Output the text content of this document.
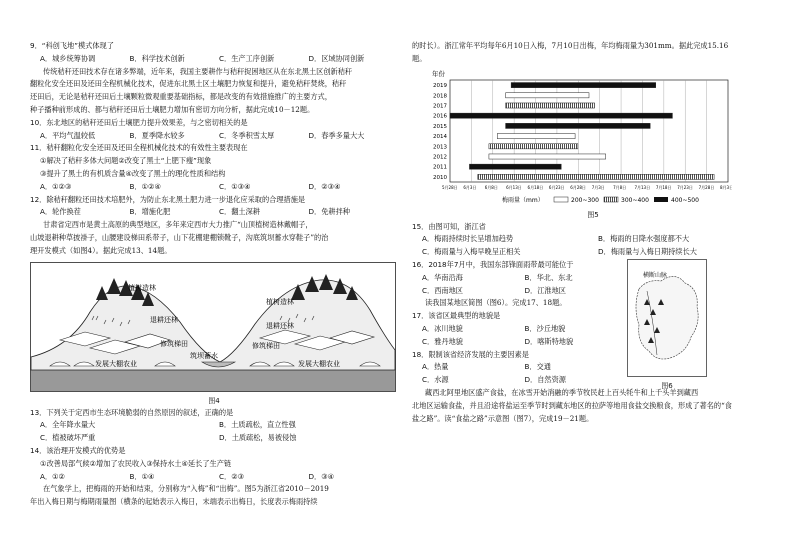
9．“科创飞地”模式体现了
A．城乡统筹协调	B．科学技术创新	C．生产工序创新	D．区域协同创新
传统秸秆还田技术存在诸多弊端，近年来，我国主要耕作与秸秆捉困地区从在东北黑土区创新秸秆
翻粒化安全还田及还田全程机械化技术，促进东北黑土区土壤肥力恢复和提升，避免秸秆焚烧，秸秆
还田后，无论是秸秆还田后土壤颗粒微观重要基础指标，都是改变的有效措施推广的主要方式，
种子播种前形成的、都与秸秆还田后土壤肥力增加有密切方向分析，据此完成10－12题。
10．东北地区的秸秆还田后土壤肥力提升效果差，与之密切相关的是
A．平均气温较低	B．夏季降水较多	C．冬季积雪太厚	D．春季多量大大
11．秸秆翻粒化安全还田及还田全程机械化技术的有效性主要表现在
①解决了秸秆多体大问题②改变了黑土“上肥下瘦”现象
③提升了黑土的有机质含量④改变了黑土的理化性质和结构
A．①②③	B．①②④	C．①③④	D．②③④
12．除秸秆翻粒还田技术培肥外，为防止东北黑土肥力进一步退化应采取的合理措施是
A．轮作换茬	B．增施化肥	C．翻土深耕	D．免耕拌种
甘肃省定西市是黄土高原的典型地区，多年来定西市大力推广“山顶植树造林戴帽子，
山坡退耕种草披褂子，山腰建设梯田系带子，山下花棚建棚锁靴子，沟底筑坝蓄水穿鞋子”的治
理开发模式（如图4）。据此完成13、14题。
植树造林
植树造林
退耕还林
退耕还林
修筑梯田	修筑梯田
筑坝蓄水
发展大棚农业	发展大棚农业
图4
13．下列关于定西市生态环境脆弱的自然原因的叙述，正确的是
A．全年降水量大	B．土质疏松，直立性强
C．植被破坏严重	D．土质疏松，易被侵蚀
14．该治理开发模式的优势是
①改善局部气候②增加了农民收入③保持水土④延长了生产链
A．①②	B．①④	C．②③	D．③④
在气象学上，把梅雨的开始和结束，分别称为“入梅”和“出梅”。图5为浙江省2010－2019
年出入梅日期与梅期雨量图（横条的起始表示入梅日，末端表示出梅日，长度表示梅雨持续
的时长）。浙江常年平均每年6月10日入梅，7月10日出梅，年均梅雨量为301mm。据此完成15.16
题。
年份
2019
2018
2017
2016
2015
2014
2013
2012
2011
2010
5月28日 6月3日 6月8日 6月13日 6月18日 6月23日 6月28日 7月3日 7月8日 7月13日 7月18日 7月23日 7月28日 8月3日
梅雨量（mm）	200~300	300~400	400~500
图5
15．由图可知，浙江省
A．梅雨持续时长呈增加趋势	B．梅雨的日降水强度都不大
C．梅雨量与入梅早晚呈正相关	D．梅雨量与入梅日期持续长大
16．2018年7月中，我国东部锋面雨带最可能位于
A．华南沿海	B．华北、东北
C．西南地区	D．江淮地区
读我国某地区简图（图6）。完成17、18题。
17．该省区最典型的地貌是
A．冰川地貌	B．沙丘地貌
C．雅丹地貌	D．喀斯特地貌
18．限制该省经济发展的主要因素是
A．热量	B．交通
C．水源	D．自然资源
横断山脉
图6
藏西北阿里地区盛产食盐，在冰雪开始消融的季节牧民赶上百头牦牛和上千头羊到藏西
北地区运输食盐，并且沿途将盐运至季节时到藏东地区的拉萨等地用食盐交换粮食，形成了著名的“食
盐之路”。读“食盐之路”示意图（图7），完成19－21题。
